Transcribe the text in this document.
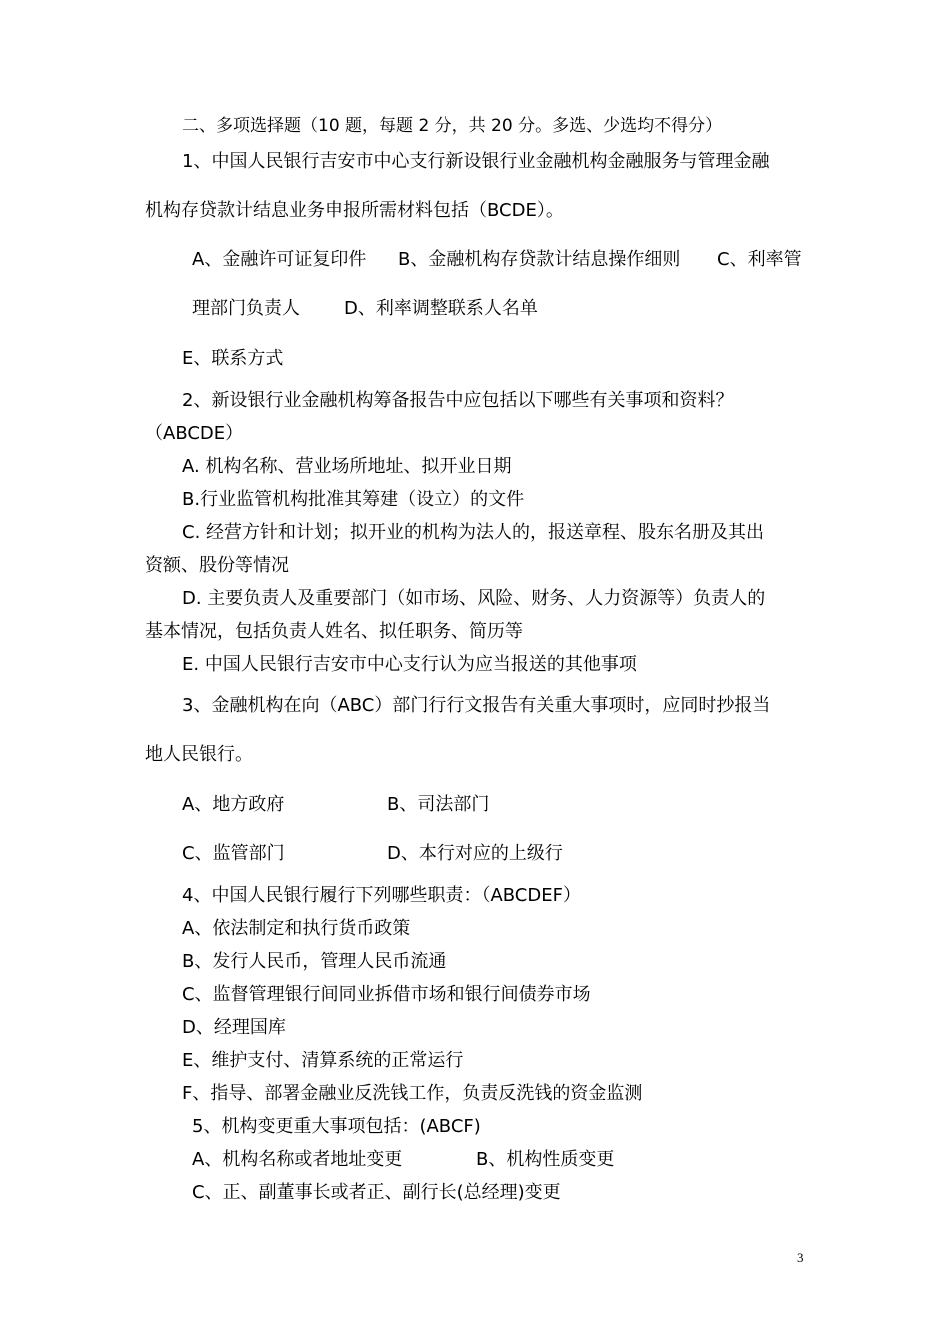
二、多项选择题（10 题，每题 2 分，共 20 分。多选、少选均不得分）
1、中国人民银行吉安市中心支行新设银行业金融机构金融服务与管理金融
机构存贷款计结息业务申报所需材料包括（BCDE）。
A、金融许可证复印件 B、金融机构存贷款计结息操作细则 C、利率管
理部门负责人 D、利率调整联系人名单
E、联系方式
2、新设银行业金融机构筹备报告中应包括以下哪些有关事项和资料？
（ABCDE）
A. 机构名称、营业场所地址、拟开业日期
B.行业监管机构批准其筹建（设立）的文件
C. 经营方针和计划；拟开业的机构为法人的，报送章程、股东名册及其出
资额、股份等情况
D. 主要负责人及重要部门（如市场、风险、财务、人力资源等）负责人的
基本情况，包括负责人姓名、拟任职务、简历等
E. 中国人民银行吉安市中心支行认为应当报送的其他事项
3、金融机构在向（ABC）部门行行文报告有关重大事项时，应同时抄报当
地人民银行。
A、地方政府	B、司法部门
C、监管部门	D、本行对应的上级行
4、中国人民银行履行下列哪些职责：（ABCDEF）
A、依法制定和执行货币政策
B、发行人民币，管理人民币流通
C、监督管理银行间同业拆借市场和银行间债券市场
D、经理国库
E、维护支付、清算系统的正常运行
F、指导、部署金融业反洗钱工作，负责反洗钱的资金监测
5、机构变更重大事项包括：(ABCF)
A、机构名称或者地址变更	B、机构性质变更
C、正、副董事长或者正、副行长(总经理)变更
3
